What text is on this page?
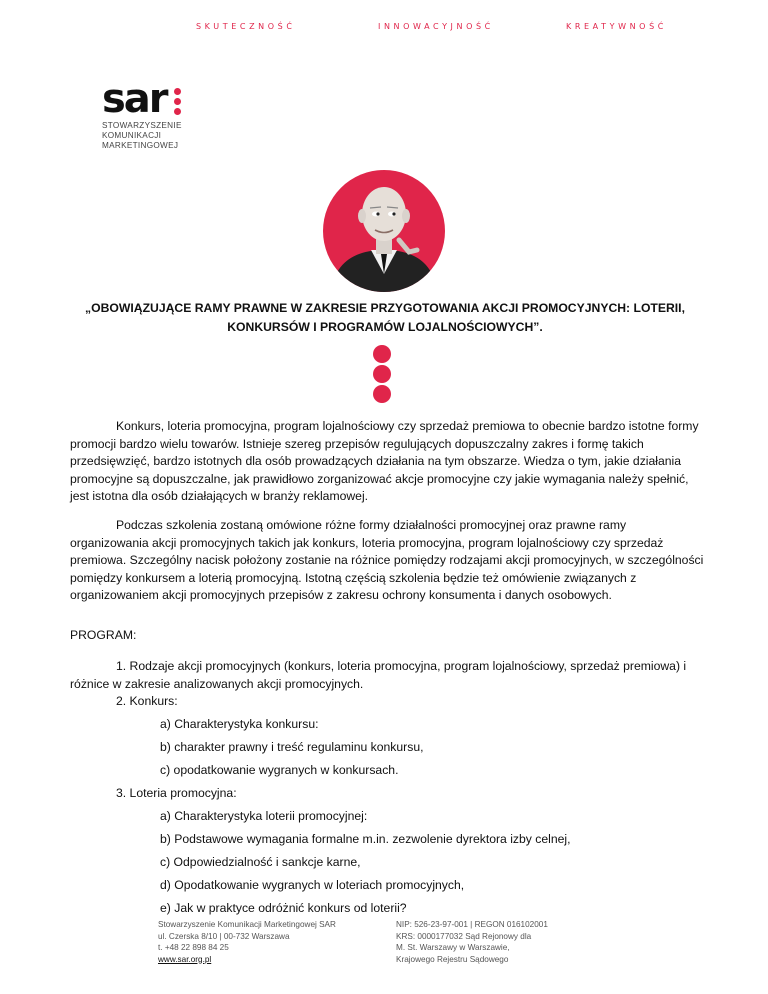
SKUTECZNOŚĆ	INNOWACYJNOŚĆ	KREATYWNOŚĆ
sar
STOWARZYSZENIE
KOMUNIKACJI
MARKETINGOWEJ
„OBOWIĄZUJĄCE RAMY PRAWNE W ZAKRESIE PRZYGOTOWANIA AKCJI PROMOCYJNYCH: LOTERII,
KONKURSÓW I PROGRAMÓW LOJALNOŚCIOWYCH”.

Konkurs, loteria promocyjna, program lojalnościowy czy sprzedaż premiowa to obecnie bardzo istotne formy promocji bardzo wielu towarów. Istnieje szereg przepisów regulujących dopuszczalny zakres i formę takich przedsięwzięć, bardzo istotnych dla osób prowadzących działania na tym obszarze. Wiedza o tym, jakie działania promocyjne są dopuszczalne, jak prawidłowo zorganizować akcje promocyjne czy jakie wymagania należy spełnić, jest istotna dla osób działających w branży reklamowej.

Podczas szkolenia zostaną omówione różne formy działalności promocyjnej oraz prawne ramy organizowania akcji promocyjnych takich jak konkurs, loteria promocyjna, program lojalnościowy czy sprzedaż premiowa. Szczególny nacisk położony zostanie na różnice pomiędzy rodzajami akcji promocyjnych, w szczególności pomiędzy konkursem a loterią promocyjną. Istotną częścią szkolenia będzie też omówienie związanych z organizowaniem akcji promocyjnych przepisów z zakresu ochrony konsumenta i danych osobowych.

PROGRAM:
1. Rodzaje akcji promocyjnych (konkurs, loteria promocyjna, program lojalnościowy, sprzedaż premiowa) i różnice w zakresie analizowanych akcji promocyjnych.
2. Konkurs:
a) Charakterystyka konkursu:
b) charakter prawny i treść regulaminu konkursu,
c) opodatkowanie wygranych w konkursach.
3. Loteria promocyjna:
a) Charakterystyka loterii promocyjnej:
b) Podstawowe wymagania formalne m.in. zezwolenie dyrektora izby celnej,
c) Odpowiedzialność i sankcje karne,
d) Opodatkowanie wygranych w loteriach promocyjnych,
e) Jak w praktyce odróżnić konkurs od loterii?
Stowarzyszenie Komunikacji Marketingowej SAR
ul. Czerska 8/10 | 00-732 Warszawa
t. +48 22 898 84 25
www.sar.org.pl
NIP: 526-23-97-001 | REGON 016102001
KRS: 0000177032 Sąd Rejonowy dla
M. St. Warszawy w Warszawie,
Krajowego Rejestru Sądowego
